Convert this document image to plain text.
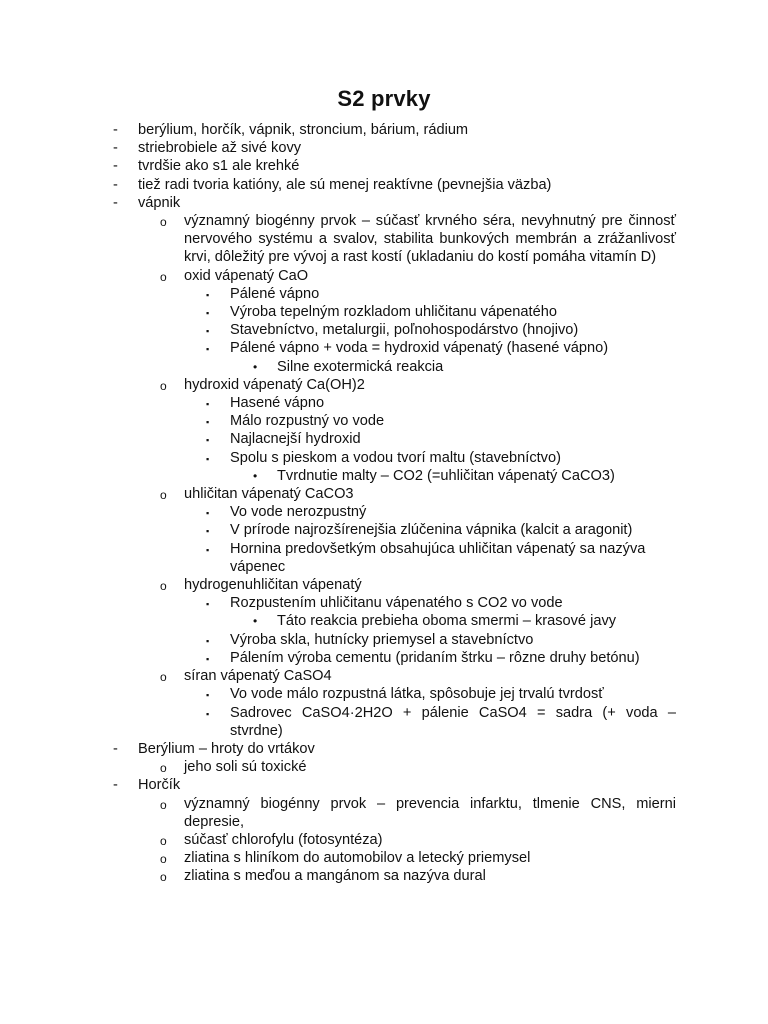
S2 prvky
- berýlium, horčík, vápnik, stroncium, bárium, rádium
- striebrobiele až sivé kovy
- tvrdšie ako s1 ale krehké
- tiež radi tvoria katióny, ale sú menej reaktívne (pevnejšia väzba)
- vápnik
o významný biogénny prvok – súčasť krvného séra, nevyhnutný pre činnosť nervového systému a svalov, stabilita bunkových membrán a zrážanlivosť krvi, dôležitý pre vývoj a rast kostí (ukladaniu do kostí pomáha vitamín D)
o oxid vápenatý CaO
▪ Pálené vápno
▪ Výroba tepelným rozkladom uhličitanu vápenatého
▪ Stavebníctvo, metalurgii, poľnohospodárstvo (hnojivo)
▪ Pálené vápno + voda = hydroxid vápenatý (hasené vápno)
• Silne exotermická reakcia
o hydroxid vápenatý Ca(OH)2
▪ Hasené vápno
▪ Málo rozpustný vo vode
▪ Najlacnejší hydroxid
▪ Spolu s pieskom a vodou tvorí maltu (stavebníctvo)
• Tvrdnutie malty – CO2 (=uhličitan vápenatý CaCO3)
o uhličitan vápenatý CaCO3
▪ Vo vode nerozpustný
▪ V prírode najrozšírenejšia zlúčenina vápnika (kalcit a aragonit)
▪ Hornina predovšetkým obsahujúca uhličitan vápenatý sa nazýva vápenec
o hydrogenuhličitan vápenatý
▪ Rozpustením uhličitanu vápenatého s CO2 vo vode
• Táto reakcia prebieha oboma smermi – krasové javy
▪ Výroba skla, hutnícky priemysel a stavebníctvo
▪ Pálením výroba cementu (pridaním štrku – rôzne druhy betónu)
o síran vápenatý CaSO4
▪ Vo vode málo rozpustná látka, spôsobuje jej trvalú tvrdosť
▪ Sadrovec CaSO4·2H2O + pálenie CaSO4 = sadra (+ voda – stvrdne)
- Berýlium – hroty do vrtákov
o jeho soli sú toxické
- Horčík
o významný biogénny prvok – prevencia infarktu, tlmenie CNS, mierni depresie,
o súčasť chlorofylu (fotosyntéza)
o zliatina s hliníkom do automobilov a letecký priemysel
o zliatina s meďou a mangánom sa nazýva dural
